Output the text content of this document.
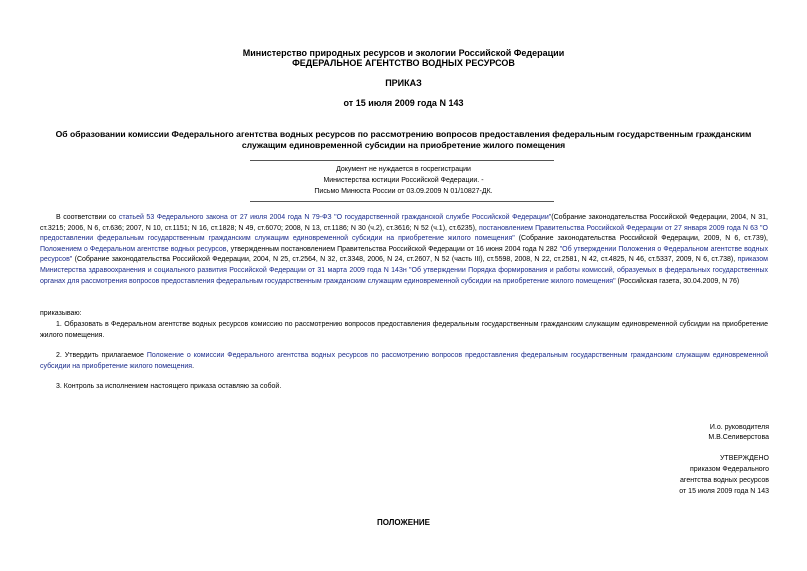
Министерство природных ресурсов и экологии Российской Федерации
ФЕДЕРАЛЬНОЕ АГЕНТСТВО ВОДНЫХ РЕСУРСОВ
ПРИКАЗ
от 15 июля 2009 года N 143
Об образовании комиссии Федерального агентства водных ресурсов по рассмотрению вопросов предоставления федеральным государственным гражданским
служащим единовременной субсидии на приобретение жилого помещения
Документ не нуждается в госрегистрации
Министерства юстиции Российской Федерации. -
Письмо Минюста России от 03.09.2009 N 01/10827-ДК.
В соответствии со статьей 53 Федерального закона от 27 июля 2004 года N 79-ФЗ "О государственной гражданской службе Российской Федерации"(Собрание законодательства Российской Федерации, 2004, N 31, ст.3215; 2006, N 6, ст.636; 2007, N 10, ст.1151; N 16, ст.1828; N 49, ст.6070; 2008, N 13, ст.1186; N 30 (ч.2), ст.3616; N 52 (ч.1), ст.6235), постановлением Правительства Российской Федерации от 27 января 2009 года N 63 "О предоставлении федеральным государственным гражданским служащим единовременной субсидии на приобретение жилого помещения" (Собрание законодательства Российской Федерации, 2009, N 6, ст.739), Положением о Федеральном агентстве водных ресурсов, утвержденным постановлением Правительства Российской Федерации от 16 июня 2004 года N 282 "Об утверждении Положения о Федеральном агентстве водных ресурсов" (Собрание законодательства Российской Федерации, 2004, N 25, ст.2564, N 32, ст.3348, 2006, N 24, ст.2607, N 52 (часть III), ст.5598, 2008, N 22, ст.2581, N 42, ст.4825, N 46, ст.5337, 2009, N 6, ст.738), приказом Министерства здравоохранения и социального развития Российской Федерации от 31 марта 2009 года N 143н "Об утверждении Порядка формирования и работы комиссий, образуемых в федеральных государственных органах для рассмотрения вопросов предоставления федеральным государственным гражданским служащим единовременной субсидии на приобретение жилого помещения" (Российская газета, 30.04.2009, N 76)
приказываю:
1. Образовать в Федеральном агентстве водных ресурсов комиссию по рассмотрению вопросов предоставления федеральным государственным гражданским служащим единовременной субсидии на приобретение жилого помещения.
2. Утвердить прилагаемое Положение о комиссии Федерального агентства водных ресурсов по рассмотрению вопросов предоставления федеральным государственным гражданским служащим единовременной субсидии на приобретение жилого помещения.
3. Контроль за исполнением настоящего приказа оставляю за собой.
И.о. руководителя
М.В.Селиверстова
УТВЕРЖДЕНО
приказом Федерального
агентства водных ресурсов
от 15 июля 2009 года N 143
ПОЛОЖЕНИЕ
